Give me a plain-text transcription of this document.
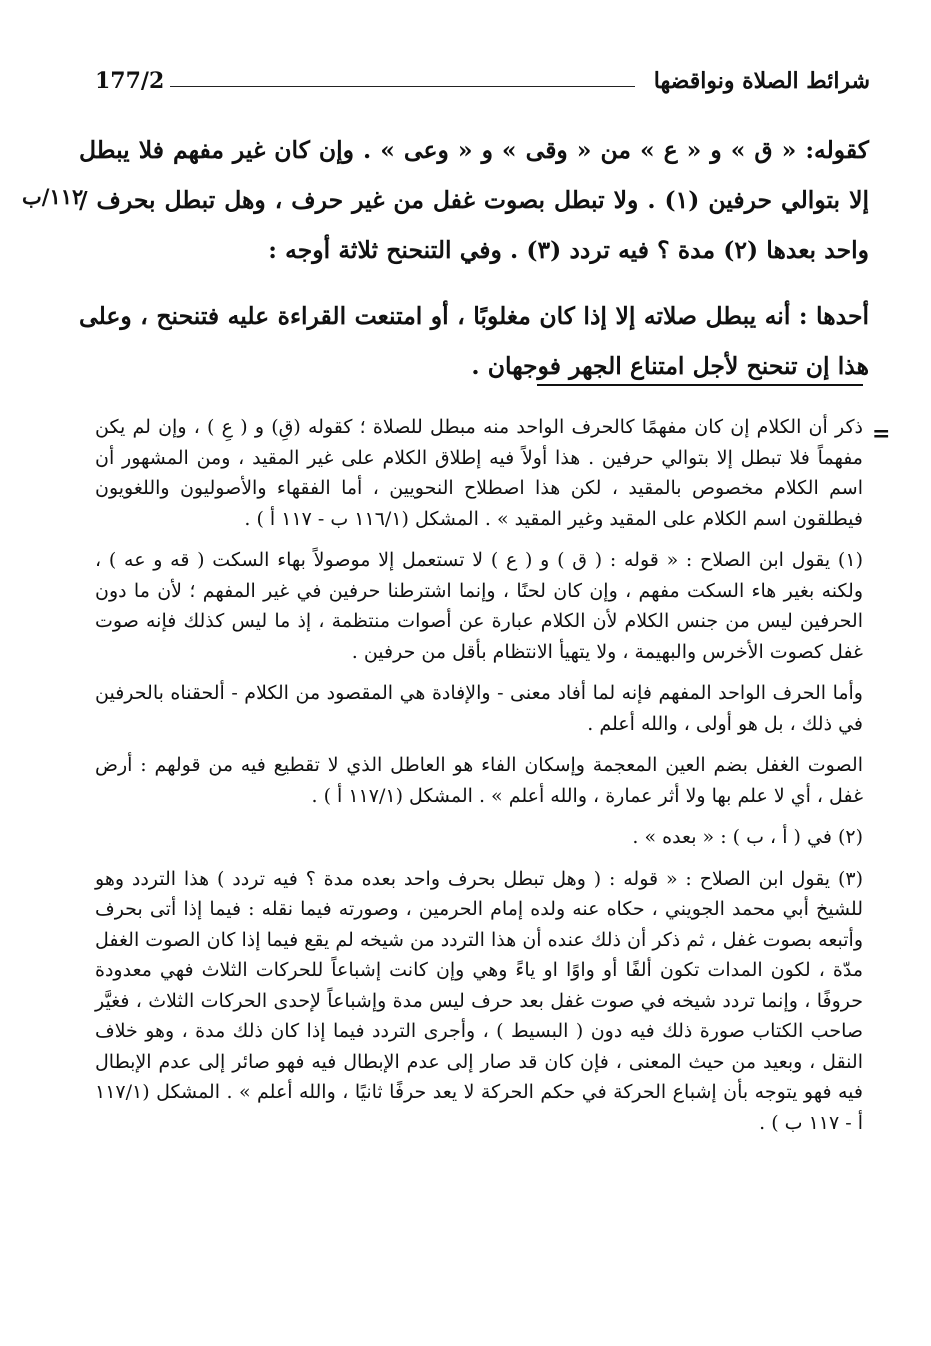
شرائط الصلاة ونواقضها
177/2
١١٢/ب

كقوله: « ق » و « ع » من « وقى » و « وعى » . وإن كان غير مفهم فلا يبطل إلا بتوالي حرفين (١) . ولا تبطل بصوت غفل من غير حرف ، وهل تبطل بحرف / واحد بعدها (٢) مدة ؟ فيه تردد (٣) . وفي التنحنح ثلاثة أوجه :

أحدها : أنه يبطل صلاته إلا إذا كان مغلوبًا ، أو امتنعت القراءة عليه فتنحنح ، وعلى هذا إن تنحنح لأجل امتناع الجهر فوجهان .

=

ذكر أن الكلام إن كان مفهمًا كالحرف الواحد منه مبطل للصلاة ؛ كقوله (قِ) و ( عِ ) ، وإن لم يكن مفهماً فلا تبطل إلا بتوالي حرفين . هذا أولاً فيه إطلاق الكلام على غير المقيد ، ومن المشهور أن اسم الكلام مخصوص بالمقيد ، لكن هذا اصطلاح النحويين ، أما الفقهاء والأصوليون واللغويون فيطلقون اسم الكلام على المقيد وغير المقيد » . المشكل (١١٦/١ ب - ١١٧ أ ) .

(١) يقول ابن الصلاح : « قوله : ( ق ) و ( ع ) لا تستعمل إلا موصولاً بهاء السكت ( قه و عه ) ، ولكنه بغير هاء السكت مفهم ، وإن كان لحنًا ، وإنما اشترطنا حرفين في غير المفهم ؛ لأن ما دون الحرفين ليس من جنس الكلام لأن الكلام عبارة عن أصوات منتظمة ، إذ ما ليس كذلك فإنه صوت غفل كصوت الأخرس والبهيمة ، ولا يتهيأ الانتظام بأقل من حرفين .

وأما الحرف الواحد المفهم فإنه لما أفاد معنى - والإفادة هي المقصود من الكلام - ألحقناه بالحرفين في ذلك ، بل هو أولى ، والله أعلم .

الصوت الغفل بضم العين المعجمة وإسكان الفاء هو العاطل الذي لا تقطيع فيه من قولهم : أرض غفل ، أي لا علم بها ولا أثر عمارة ، والله أعلم » . المشكل (١١٧/١ أ ) .

(٢) في ( أ ، ب ) : « بعده » .

(٣) يقول ابن الصلاح : « قوله : ( وهل تبطل بحرف واحد بعده مدة ؟ فيه تردد ) هذا التردد وهو للشيخ أبي محمد الجويني ، حكاه عنه ولده إمام الحرمين ، وصورته فيما نقله : فيما إذا أتى بحرف وأتبعه بصوت غفل ، ثم ذكر أن ذلك عنده أن هذا التردد من شيخه لم يقع فيما إذا كان الصوت الغفل مدّة ، لكون المدات تكون ألفًا أو واوًا او ياءً وهي وإن كانت إشباعاً للحركات الثلاث فهي معدودة حروفًا ، وإنما تردد شيخه في صوت غفل بعد حرف ليس مدة وإشباعاً لإحدى الحركات الثلاث ، فغيَّر صاحب الكتاب صورة ذلك فيه دون ( البسيط ) ، وأجرى التردد فيما إذا كان ذلك مدة ، وهو خلاف النقل ، وبعيد من حيث المعنى ، فإن كان قد صار إلى عدم الإبطال فيه فهو صائر إلى عدم الإبطال فيه فهو يتوجه بأن إشباع الحركة في حكم الحركة لا يعد حرفًا ثانيًا ، والله أعلم » . المشكل (١١٧/١ أ - ١١٧ ب ) .
